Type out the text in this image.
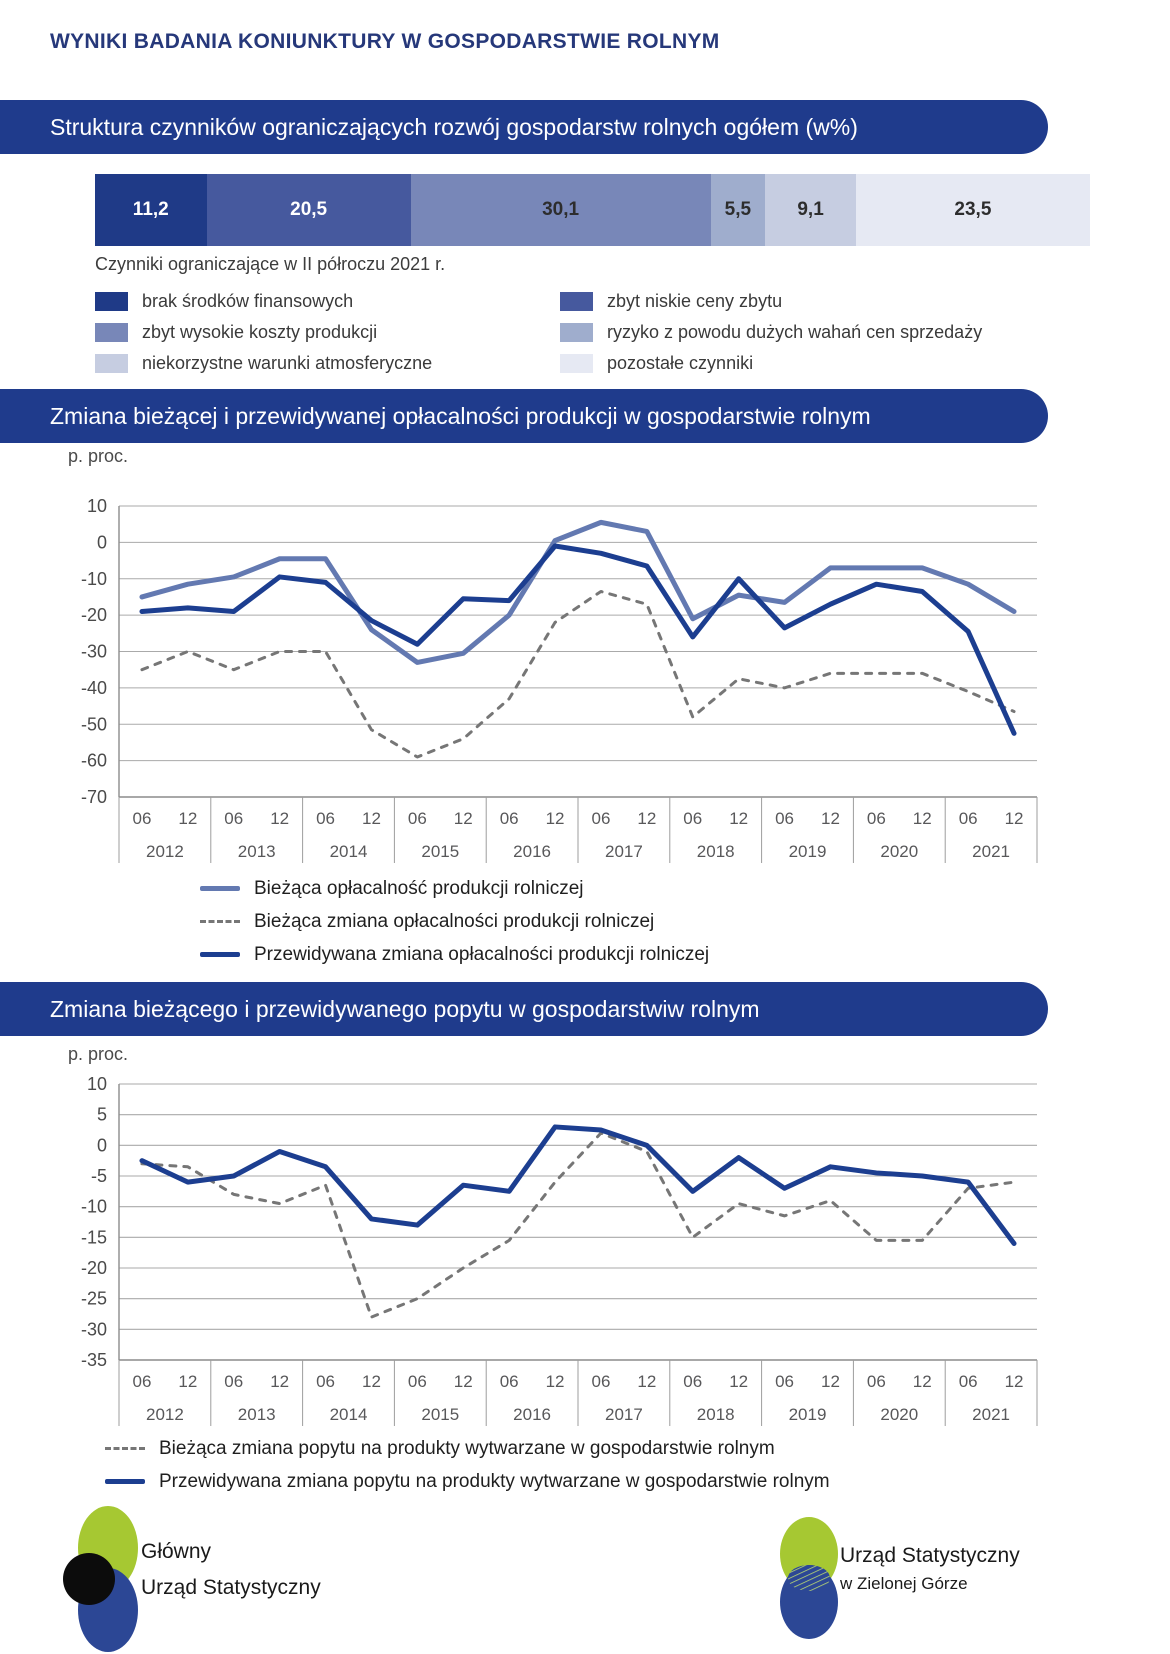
WYNIKI BADANIA KONIUNKTURY W GOSPODARSTWIE ROLNYM
Struktura czynników ograniczających rozwój gospodarstw rolnych ogółem (w%)
11,2	20,5	30,1	5,5	9,1	23,5
Czynniki ograniczające w II półroczu 2021 r.
brak środków finansowych
zbyt wysokie koszty produkcji
niekorzystne warunki atmosferyczne
zbyt niskie ceny zbytu
ryzyko z powodu dużych wahań cen sprzedaży
pozostałe czynniki
Zmiana bieżącej i przewidywanej opłacalności produkcji w gospodarstwie rolnym
p. proc.
10
0
-10
-20
-30
-40
-50
-60
-70
06 12
2012
06 12
2013
06 12
2014
06 12
2015
06 12
2016
06 12
2017
06 12
2018
06 12
2019
06 12
2020
06 12
2021
Bieżąca opłacalność produkcji rolniczej
Bieżąca zmiana opłacalności produkcji rolniczej
Przewidywana zmiana opłacalności produkcji rolniczej
Zmiana bieżącego i przewidywanego popytu w gospodarstwiw rolnym
p. proc.
10
5
0
-5
-10
-15
-20
-25
-30
-35
06 12
2012
06 12
2013
06 12
2014
06 12
2015
06 12
2016
06 12
2017
06 12
2018
06 12
2019
06 12
2020
06 12
2021
Bieżąca zmiana popytu na produkty wytwarzane w gospodarstwie rolnym
Przewidywana zmiana popytu na produkty wytwarzane w gospodarstwie rolnym
Główny
Urząd Statystyczny
Urząd Statystyczny
w Zielonej Górze
